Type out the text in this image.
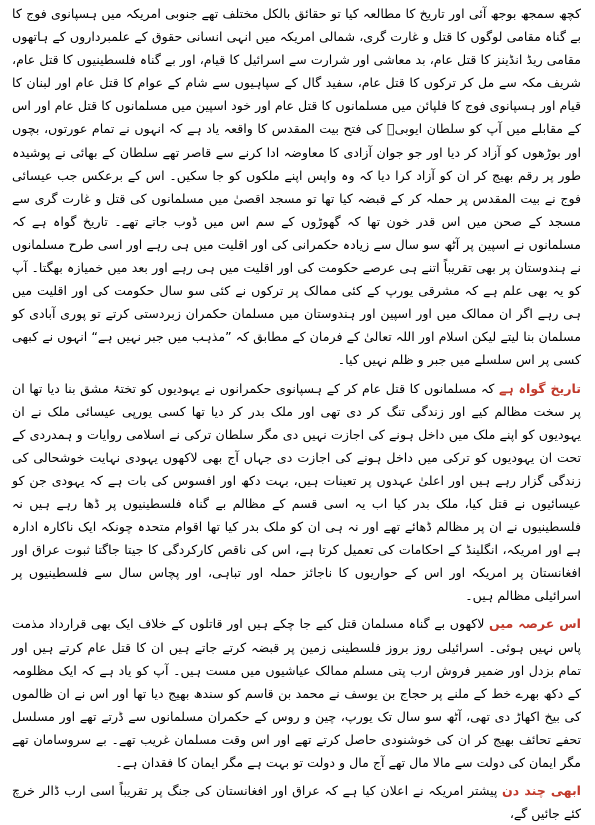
کچھ سمجھ بوجھ آئی اور تاریخ کا مطالعہ کیا تو حقائق بالکل مختلف تھے جنوبی امریکہ میں ہسپانوی فوج کا بے گناہ مقامی لوگوں کا قتل و غارت گری، شمالی امریکہ میں انہی انسانی حقوق کے علمبرداروں کے ہاتھوں مقامی ریڈ انڈینز کا قتل عام، بد معاشی اور شرارت سے اسرائیل کا قیام، اور بے گناہ فلسطینیوں کا قتل عام، شریف مکہ سے مل کر ترکوں کا قتل عام، سفید گال کے سپاہیوں سے شام کے عوام کا قتل عام اور لبنان کا قیام اور ہسپانوی فوج کا فلپائن میں مسلمانوں کا قتل عام اور خود اسپین میں مسلمانوں کا قتل عام اور اس کے مقابلے میں آپ کو سلطان ایوبیؒ کی فتح بیت المقدس کا واقعہ یاد ہے کہ انہوں نے تمام عورتوں، بچوں اور بوڑھوں کو آزاد کر دیا اور جو جوان آزادی کا معاوضہ ادا کرنے سے قاصر تھے سلطان کے بھائی نے پوشیدہ طور پر رقم بھیج کر ان کو آزاد کرا دیا کہ وہ واپس اپنے ملکوں کو جا سکیں۔ اس کے برعکس جب عیسائی فوج نے بیت المقدس پر حملہ کر کے قبضہ کیا تھا تو مسجد اقصیٰ میں مسلمانوں کی قتل و غارت گری سے مسجد کے صحن میں اس قدر خون تھا کہ گھوڑوں کے سم اس میں ڈوب جاتے تھے۔ تاریخ گواہ ہے کہ مسلمانوں نے اسپین پر آٹھ سو سال سے زیادہ حکمرانی کی اور اقلیت میں ہی رہے اور اسی طرح مسلمانوں نے ہندوستان پر بھی تقریباً اتنے ہی عرصے حکومت کی اور اقلیت میں ہی رہے اور بعد میں خمیازہ بھگتا۔ آپ کو یہ بھی علم ہے کہ مشرقی یورپ کے کئی ممالک پر ترکوں نے کئی سو سال حکومت کی اور اقلیت میں ہی رہے اگر ان ممالک میں اور اسپین اور ہندوستان میں مسلمان حکمران زبردستی کرتے تو پوری آبادی کو مسلمان بنا لیتے لیکن اسلام اور اللہ تعالیٰ کے فرمان کے مطابق کہ ”مذہب میں جبر نہیں ہے“ انہوں نے کبھی کسی پر اس سلسلے میں جبر و ظلم نہیں کیا۔

تاریخ گواہ ہے کہ مسلمانوں کا قتل عام کر کے ہسپانوی حکمرانوں نے یہودیوں کو تختۂ مشق بنا دیا تھا ان پر سخت مظالم کیے اور زندگی تنگ کر دی تھی اور ملک بدر کر دیا تھا کسی یورپی عیسائی ملک نے ان یہودیوں کو اپنے ملک میں داخل ہونے کی اجازت نہیں دی مگر سلطان ترکی نے اسلامی روایات و ہمدردی کے تحت ان یہودیوں کو ترکی میں داخل ہونے کی اجازت دی جہاں آج بھی لاکھوں یہودی نہایت خوشحالی کی زندگی گزار رہے ہیں اور اعلیٰ عہدوں پر تعینات ہیں، بہت دکھ اور افسوس کی بات ہے کہ یہودی جن کو عیسائیوں نے قتل کیا، ملک بدر کیا اب یہ اسی قسم کے مظالم بے گناہ فلسطینیوں پر ڈھا رہے ہیں نہ فلسطینیوں نے ان پر مظالم ڈھائے تھے اور نہ ہی ان کو ملک بدر کیا تھا اقوام متحدہ چونکہ ایک ناکارہ ادارہ ہے اور امریکہ، انگلینڈ کے احکامات کی تعمیل کرتا ہے، اس کی ناقص کارکردگی کا جیتا جاگتا ثبوت عراق اور افغانستان پر امریکہ اور اس کے حواریوں کا ناجائز حملہ اور تباہی، اور پچاس سال سے فلسطینیوں پر اسرائیلی مظالم ہیں۔

اس عرصہ میں لاکھوں بے گناہ مسلمان قتل کیے جا چکے ہیں اور قاتلوں کے خلاف ایک بھی قرارداد مذمت پاس نہیں ہوئی۔ اسرائیلی روز بروز فلسطینی زمین پر قبضہ کرتے جاتے ہیں ان کا قتل عام کرتے ہیں اور تمام بزدل اور ضمیر فروش ارب پتی مسلم ممالک عیاشیوں میں مست ہیں۔ آپ کو یاد ہے کہ ایک مظلومہ کے دکھ بھرے خط کے ملنے پر حجاج بن یوسف نے محمد بن قاسم کو سندھ بھیج دیا تھا اور اس نے ان ظالموں کی بیخ اکھاڑ دی تھی، آٹھ سو سال تک یورپ، چین و روس کے حکمران مسلمانوں سے ڈرتے تھے اور مسلسل تحفے تحائف بھیج کر ان کی خوشنودی حاصل کرتے تھے اور اس وقت مسلمان غریب تھے۔ بے سروسامان تھے مگر ایمان کی دولت سے مالا مال تھے آج مال و دولت تو بہت ہے مگر ایمان کا فقدان ہے۔

ابھی چند دن پیشتر امریکہ نے اعلان کیا ہے کہ عراق اور افغانستان کی جنگ پر تقریباً اسی ارب ڈالر خرچ کئے جائیں گے،
